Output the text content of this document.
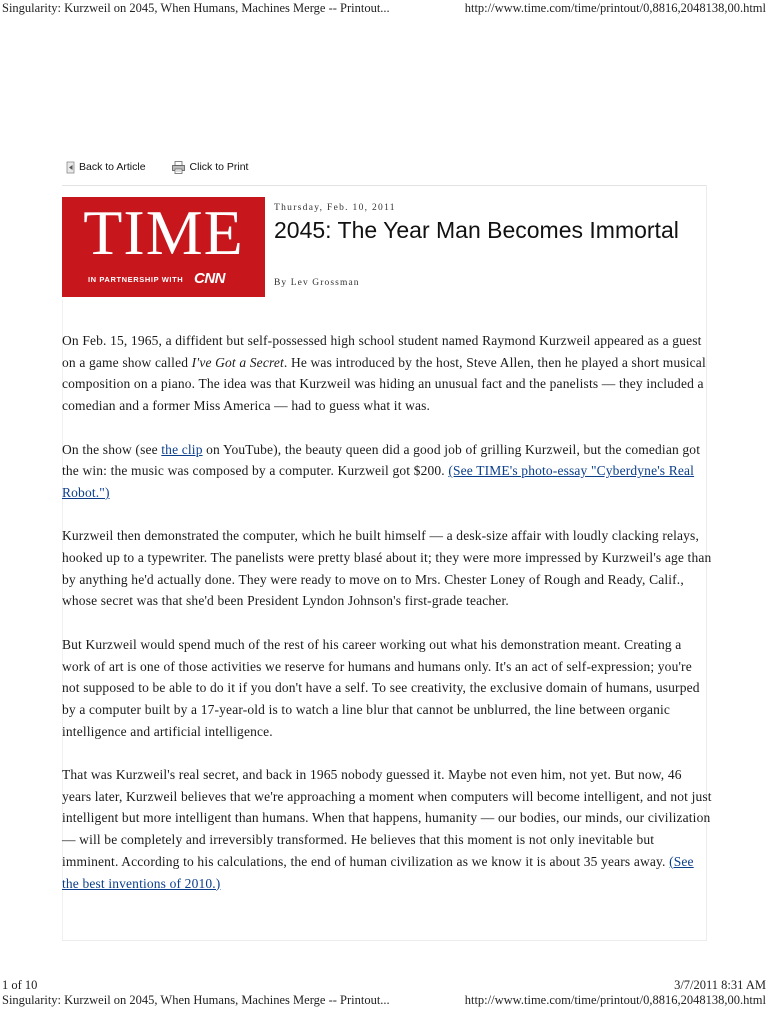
Singularity: Kurzweil on 2045, When Humans, Machines Merge -- Printout...	http://www.time.com/time/printout/0,8816,2048138,00.html
Back to Article	Click to Print
TIME
IN PARTNERSHIP WITH CNN
Thursday, Feb. 10, 2011
2045: The Year Man Becomes Immortal
By Lev Grossman

On Feb. 15, 1965, a diffident but self-possessed high school student named Raymond Kurzweil appeared as a guest on a game show called I've Got a Secret. He was introduced by the host, Steve Allen, then he played a short musical composition on a piano. The idea was that Kurzweil was hiding an unusual fact and the panelists — they included a comedian and a former Miss America — had to guess what it was.

On the show (see the clip on YouTube), the beauty queen did a good job of grilling Kurzweil, but the comedian got the win: the music was composed by a computer. Kurzweil got $200. (See TIME's photo-essay "Cyberdyne's Real Robot.")

Kurzweil then demonstrated the computer, which he built himself — a desk-size affair with loudly clacking relays, hooked up to a typewriter. The panelists were pretty blasé about it; they were more impressed by Kurzweil's age than by anything he'd actually done. They were ready to move on to Mrs. Chester Loney of Rough and Ready, Calif., whose secret was that she'd been President Lyndon Johnson's first-grade teacher.

But Kurzweil would spend much of the rest of his career working out what his demonstration meant. Creating a work of art is one of those activities we reserve for humans and humans only. It's an act of self-expression; you're not supposed to be able to do it if you don't have a self. To see creativity, the exclusive domain of humans, usurped by a computer built by a 17-year-old is to watch a line blur that cannot be unblurred, the line between organic intelligence and artificial intelligence.

That was Kurzweil's real secret, and back in 1965 nobody guessed it. Maybe not even him, not yet. But now, 46 years later, Kurzweil believes that we're approaching a moment when computers will become intelligent, and not just intelligent but more intelligent than humans. When that happens, humanity — our bodies, our minds, our civilization — will be completely and irreversibly transformed. He believes that this moment is not only inevitable but imminent. According to his calculations, the end of human civilization as we know it is about 35 years away. (See the best inventions of 2010.)

1 of 10	3/7/2011 8:31 AM
Singularity: Kurzweil on 2045, When Humans, Machines Merge -- Printout...	http://www.time.com/time/printout/0,8816,2048138,00.html
